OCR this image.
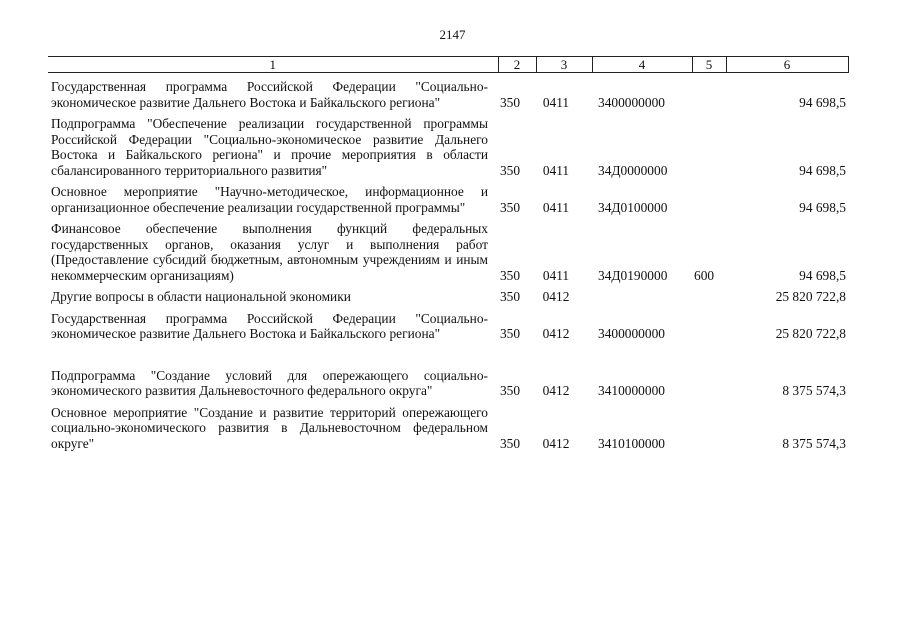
2147
1	2	3	4	5	6

Государственная программа Российской Федерации "Социально-экономическое развитие Дальнего Востока и Байкальского региона"	350	0411	3400000000		94 698,5

Подпрограмма "Обеспечение реализации государственной программы Российской Федерации "Социально-экономическое развитие Дальнего Востока и Байкальского региона" и прочие мероприятия в области сбалансированного территориального развития"	350	0411	34Д0000000		94 698,5

Основное мероприятие "Научно-методическое, информационное и организационное обеспечение реализации государственной программы"	350	0411	34Д0100000		94 698,5

Финансовое обеспечение выполнения функций федеральных государственных органов, оказания услуг и выполнения работ (Предоставление субсидий бюджетным, автономным учреждениям и иным некоммерческим организациям)	350	0411	34Д0190000	600	94 698,5

Другие вопросы в области национальной экономики	350	0412			25 820 722,8

Государственная программа Российской Федерации "Социально-экономическое развитие Дальнего Востока и Байкальского региона"	350	0412	3400000000		25 820 722,8

Подпрограмма "Создание условий для опережающего социально-экономического развития Дальневосточного федерального округа"	350	0412	3410000000		8 375 574,3

Основное мероприятие "Создание и развитие территорий опережающего социально-экономического развития в Дальневосточном федеральном округе"	350	0412	3410100000		8 375 574,3
